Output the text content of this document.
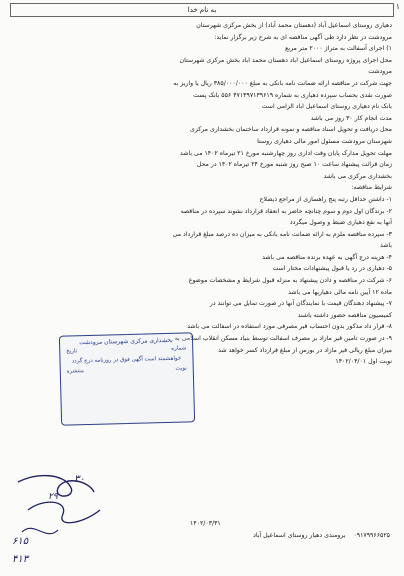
به نام خدا	۱
دهیاری روستای اسماعیل آباد (دهستان محمد آباد) از بخش مرکزی شهرستان
مرودشت در نظر دارد طی آگهی مناقصه ای به شرح زیر برگزار نماید:
۱) اجرای آسفالت به متراژ ۲۰۰۰ متر مربع
محل اجرای پروژه روستای اسماعیل اباد دهستان محمد اباد بخش مرکزی شهرستان
مرودشت
جهت شرکت در مناقصه ارائه ضمانت نامه بانکی به مبلغ ۳۸۵/۰۰۰/۰۰۰ ریال یا واریز به
صورت نقدی بحساب سپرده دهیاری به شماره ۴۷۱۳۹۷۱۳۹۶۱۹ ۵۵۶ بانک پست
بانک نام دهیاری روستای اسماعیل اباد الزامی است
مدت انجام کار ۳۰ روز می باشد
محل دریافت و تحویل اسناد مناقصه و نمونه قرارداد ساختمان بخشداری مرکزی
شهرستان مرودشت مسئول امور مالی دهیاری روستا
مهلت تحویل مدارک پایان وقت اداری روز چهارشنبه مورخ ۲۱ تیرماه ۱۴۰۲ می باشد
زمان قرائت پیشنهاد ساعت ۱۰ صبح روز شنبه مورخ ۲۴ تیرماه ۱۴۰۲ در محل
بخشداری مرکزی می باشد
شرایط مناقصه:
۱- داشتن حداقل رتبه پنج راهسازی از مراجع ذیصلاح
۲- برندگان اول دوم و سوم چنانچه حاضر به انعقاد قرارداد نشوند سپرده در مناقصه
آنها به نفع دهیاری ضبط و وصول میگردد
۳- سپرده مناقصه ملزم به ارائه ضمانت نامه بانکی به میزان ده درصد مبلغ قرارداد می
باشد
۴- هزینه درج آگهی به عهده برنده مناقصه می باشد
۵- دهیاری در رد یا قبول پیشنهادات مختار است
۶- شرکت در مناقصه و دادن پیشنهاد به منزله قبول شرایط و مشخصات موضوع
ماده ۱۲ آیین نامه مالی دهیاریها می باشد
۷- پیشنهاد دهندگان قیمت با نمایندگان آنها در صورت تمایل می توانند در
کمیسیون مناقصه حضور داشته باشند
۸- قرار داد مذکور بدون احتساب قیر مصرفی مورد استفاده در اسفالت می باشد
۹- در صورت تامین قیر مازاد بر مصرف اسفالت توسط بنیاد مسکن انقلاب اسلامی به
میزان مبلغ ریالی قیر مازاد در بورس از مبلغ قرارداد کسر خواهد شد
نوبت اول ۱۴۰۲/۰۴/۰۱
بخشداری مرکزی شهرستان مرودشت
شماره
تاریخ
خواهشمند است آگهی فوق در روزنامه درج گردد
نوبت
منتشره
۱۴۰۲/۰۳/۳۱
۰۹۱۷۹۹۶۶۵۲۵    برومندی دهیار روستای اسماعیل آباد
۳۰
۲۹
۶۱۵
۴۱۳
